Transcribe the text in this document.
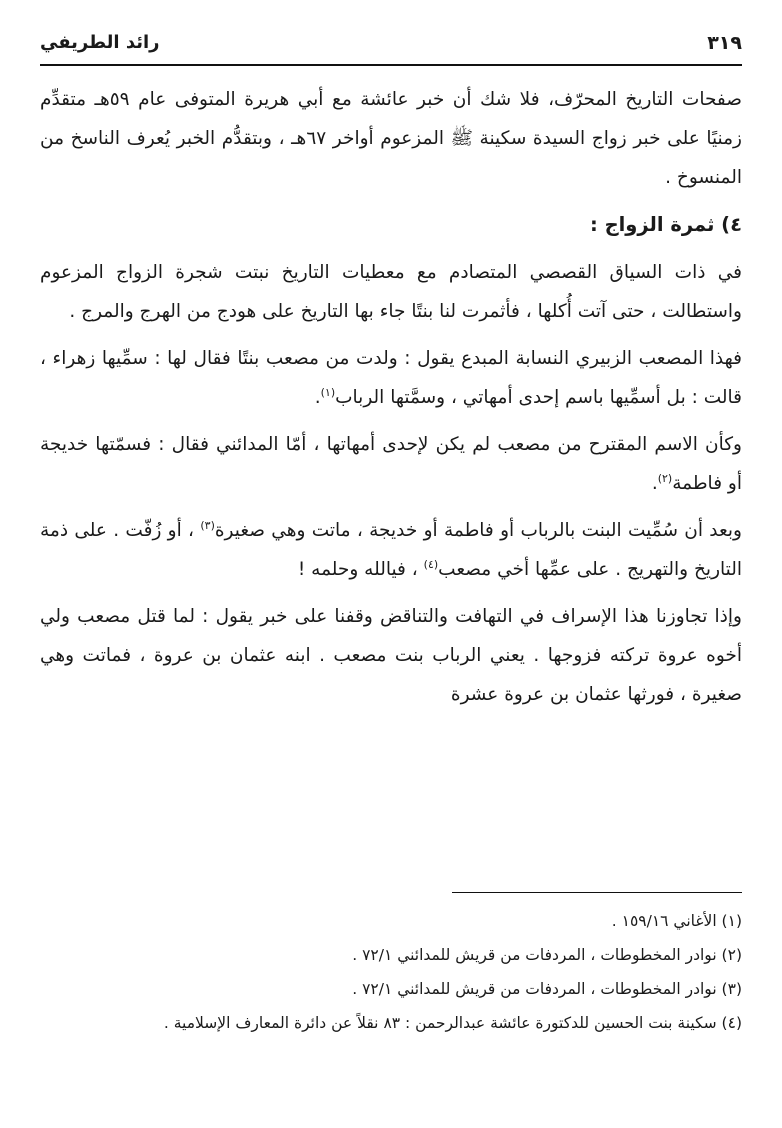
٣١٩
رائد الطريفي

صفحات التاريخ المحرّف، فلا شك أن خبر عائشة مع أبي هريرة المتوفى عام ٥٩هـ متقدِّم زمنيًا على خبر زواج السيدة سكينة ﷺ المزعوم أواخر ٦٧هـ ، وبتقدُّم الخبر يُعرف الناسخ من المنسوخ .

٤) ثمرة الزواج :

في ذات السياق القصصي المتصادم مع معطيات التاريخ نبتت شجرة الزواج المزعوم واستطالت ، حتى آتت أُكلها ، فأثمرت لنا بنتًا جاء بها التاريخ على هودج من الهرج والمرج .

فهذا المصعب الزبيري النسابة المبدع يقول : ولدت من مصعب بنتًا فقال لها : سمِّيها زهراء ، قالت : بل أسمِّيها باسم إحدى أمهاتي ، وسمَّتها الرباب$^{(١)}$.

وكأن الاسم المقترح من مصعب لم يكن لإحدى أمهاتها ، أمّا المدائني فقال : فسمّتها خديجة أو فاطمة$^{(٢)}$.

وبعد أن سُمِّيت البنت بالرباب أو فاطمة أو خديجة ، ماتت وهي صغيرة$^{(٣)}$ ، أو زُفّت . على ذمة التاريخ والتهريج . على عمِّها أخي مصعب$^{(٤)}$ ، فيالله وحلمه !

وإذا تجاوزنا هذا الإسراف في التهافت والتناقض وقفنا على خبر يقول : لما قتل مصعب ولي أخوه عروة تركته فزوجها . يعني الرباب بنت مصعب . ابنه عثمان بن عروة ، فماتت وهي صغيرة ، فورثها عثمان بن عروة عشرة

(١) الأغاني ١٥٩/١٦ .
(٢) نوادر المخطوطات ، المردفات من قريش للمدائني ٧٢/١ .
(٣) نوادر المخطوطات ، المردفات من قريش للمدائني ٧٢/١ .
(٤) سكينة بنت الحسين للدكتورة عائشة عبدالرحمن : ٨٣ نقلاً عن دائرة المعارف الإسلامية .
